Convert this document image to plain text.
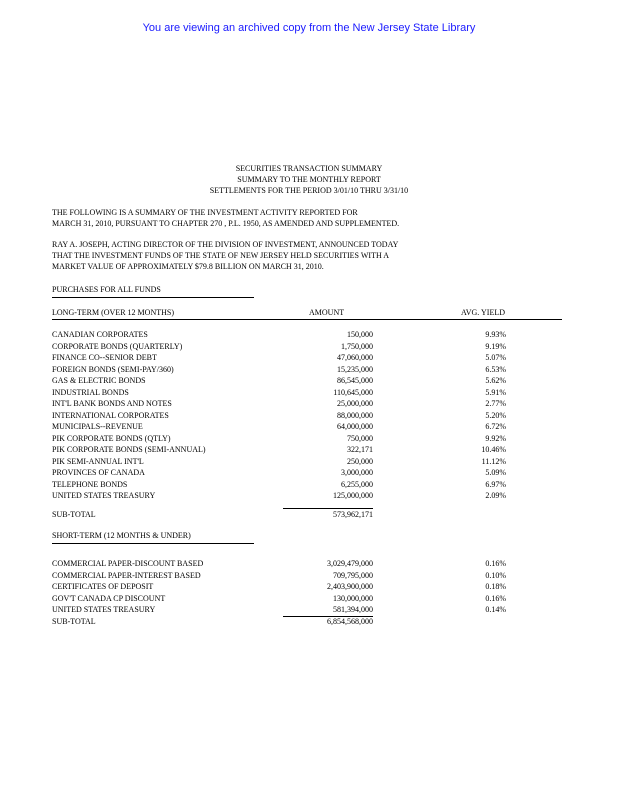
You are viewing an archived copy from the New Jersey State Library
SECURITIES TRANSACTION SUMMARY
SUMMARY TO THE MONTHLY REPORT
SETTLEMENTS FOR THE PERIOD 3/01/10 THRU 3/31/10
THE FOLLOWING IS A SUMMARY OF THE INVESTMENT ACTIVITY REPORTED FOR
MARCH 31, 2010, PURSUANT TO CHAPTER 270 , P.L. 1950, AS AMENDED AND SUPPLEMENTED.
RAY A. JOSEPH, ACTING DIRECTOR OF THE DIVISION OF INVESTMENT, ANNOUNCED TODAY
THAT THE INVESTMENT FUNDS OF THE STATE OF NEW JERSEY HELD SECURITIES WITH A
MARKET VALUE OF APPROXIMATELY $79.8 BILLION ON MARCH 31, 2010.
PURCHASES FOR ALL FUNDS
LONG-TERM (OVER 12 MONTHS)	AMOUNT	AVG. YIELD
CANADIAN CORPORATES	150,000	9.93%
CORPORATE BONDS (QUARTERLY)	1,750,000	9.19%
FINANCE CO--SENIOR DEBT	47,060,000	5.07%
FOREIGN BONDS (SEMI-PAY/360)	15,235,000	6.53%
GAS & ELECTRIC BONDS	86,545,000	5.62%
INDUSTRIAL BONDS	110,645,000	5.91%
INT'L BANK BONDS AND NOTES	25,000,000	2.77%
INTERNATIONAL CORPORATES	88,000,000	5.20%
MUNICIPALS--REVENUE	64,000,000	6.72%
PIK CORPORATE BONDS (QTLY)	750,000	9.92%
PIK CORPORATE BONDS (SEMI-ANNUAL)	322,171	10.46%
PIK SEMI-ANNUAL INT'L	250,000	11.12%
PROVINCES OF CANADA	3,000,000	5.09%
TELEPHONE BONDS	6,255,000	6.97%
UNITED STATES TREASURY	125,000,000	2.09%
SUB-TOTAL	573,962,171
SHORT-TERM (12 MONTHS & UNDER)
COMMERCIAL PAPER-DISCOUNT BASED	3,029,479,000	0.16%
COMMERCIAL PAPER-INTEREST BASED	709,795,000	0.10%
CERTIFICATES OF DEPOSIT	2,403,900,000	0.18%
GOV'T CANADA CP DISCOUNT	130,000,000	0.16%
UNITED STATES TREASURY	581,394,000	0.14%
SUB-TOTAL	6,854,568,000
